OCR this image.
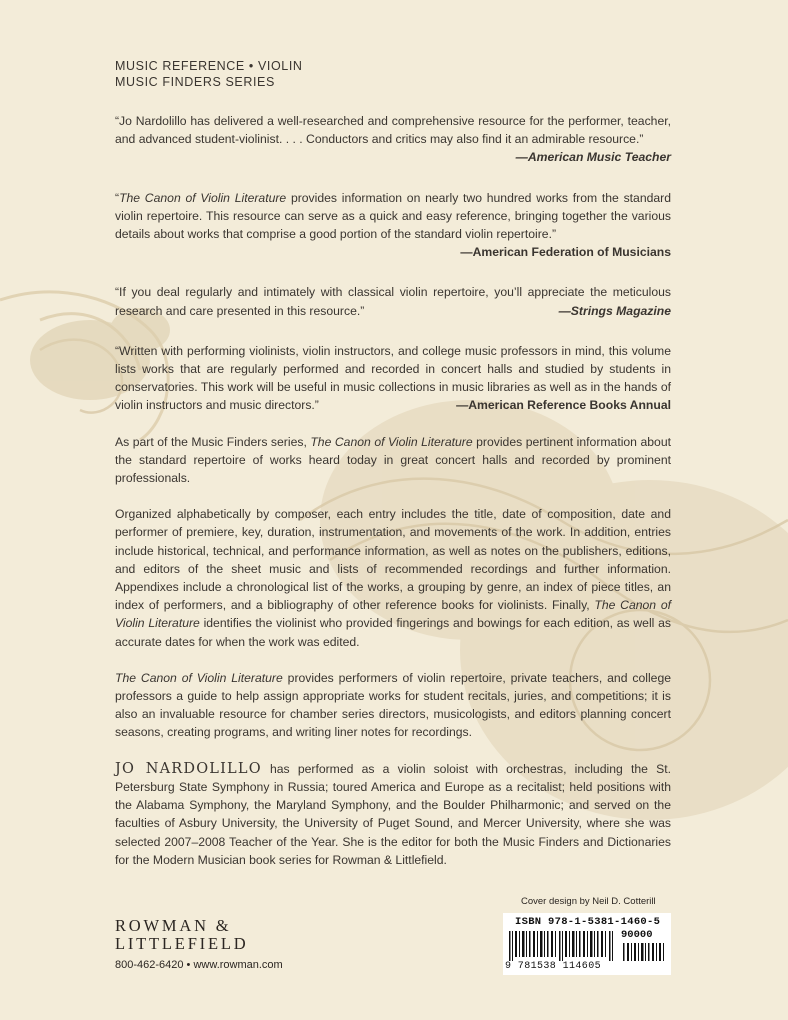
MUSIC REFERENCE • VIOLIN
MUSIC FINDERS SERIES

“Jo Nardolillo has delivered a well-researched and comprehensive resource for the performer, teacher, and advanced student-violinist. . . . Conductors and critics may also find it an admirable resource.”

—American Music Teacher

“The Canon of Violin Literature provides information on nearly two hundred works from the standard violin repertoire. This resource can serve as a quick and easy reference, bringing together the various details about works that comprise a good portion of the standard violin repertoire.”

—American Federation of Musicians

“If you deal regularly and intimately with classical violin repertoire, you’ll appreciate the meticulous research and care presented in this resource.”	—Strings Magazine

“Written with performing violinists, violin instructors, and college music professors in mind, this volume lists works that are regularly performed and recorded in concert halls and studied by students in conservatories. This work will be useful in music collections in music libraries as well as in the hands of violin instructors and music directors.”	—American Reference Books Annual

As part of the Music Finders series, The Canon of Violin Literature provides pertinent information about the standard repertoire of works heard today in great concert halls and recorded by prominent professionals.

Organized alphabetically by composer, each entry includes the title, date of composition, date and performer of premiere, key, duration, instrumentation, and movements of the work. In addition, entries include historical, technical, and performance information, as well as notes on the publishers, editions, and editors of the sheet music and lists of recommended recordings and further information. Appendixes include a chronological list of the works, a grouping by genre, an index of piece titles, an index of performers, and a bibliography of other reference books for violinists. Finally, The Canon of Violin Literature identifies the violinist who provided fingerings and bowings for each edition, as well as accurate dates for when the work was edited.

The Canon of Violin Literature provides performers of violin repertoire, private teachers, and college professors a guide to help assign appropriate works for student recitals, juries, and competitions; it is also an invaluable resource for chamber series directors, musicologists, and editors planning concert seasons, creating programs, and writing liner notes for recordings.

JO NARDOLILLO has performed as a violin soloist with orchestras, including the St. Petersburg State Symphony in Russia; toured America and Europe as a recitalist; held positions with the Alabama Symphony, the Maryland Symphony, and the Boulder Philharmonic; and served on the faculties of Asbury University, the University of Puget Sound, and Mercer University, where she was selected 2007–2008 Teacher of the Year. She is the editor for both the Music Finders and Dictionaries for the Modern Musician book series for Rowman & Littlefield.

Cover design by Neil D. Cotterill
ROWMAN &
LITTLEFIELD
800-462-6420 • www.rowman.com
ISBN 978-1-5381-1460-5
90000
9 781538 114605
